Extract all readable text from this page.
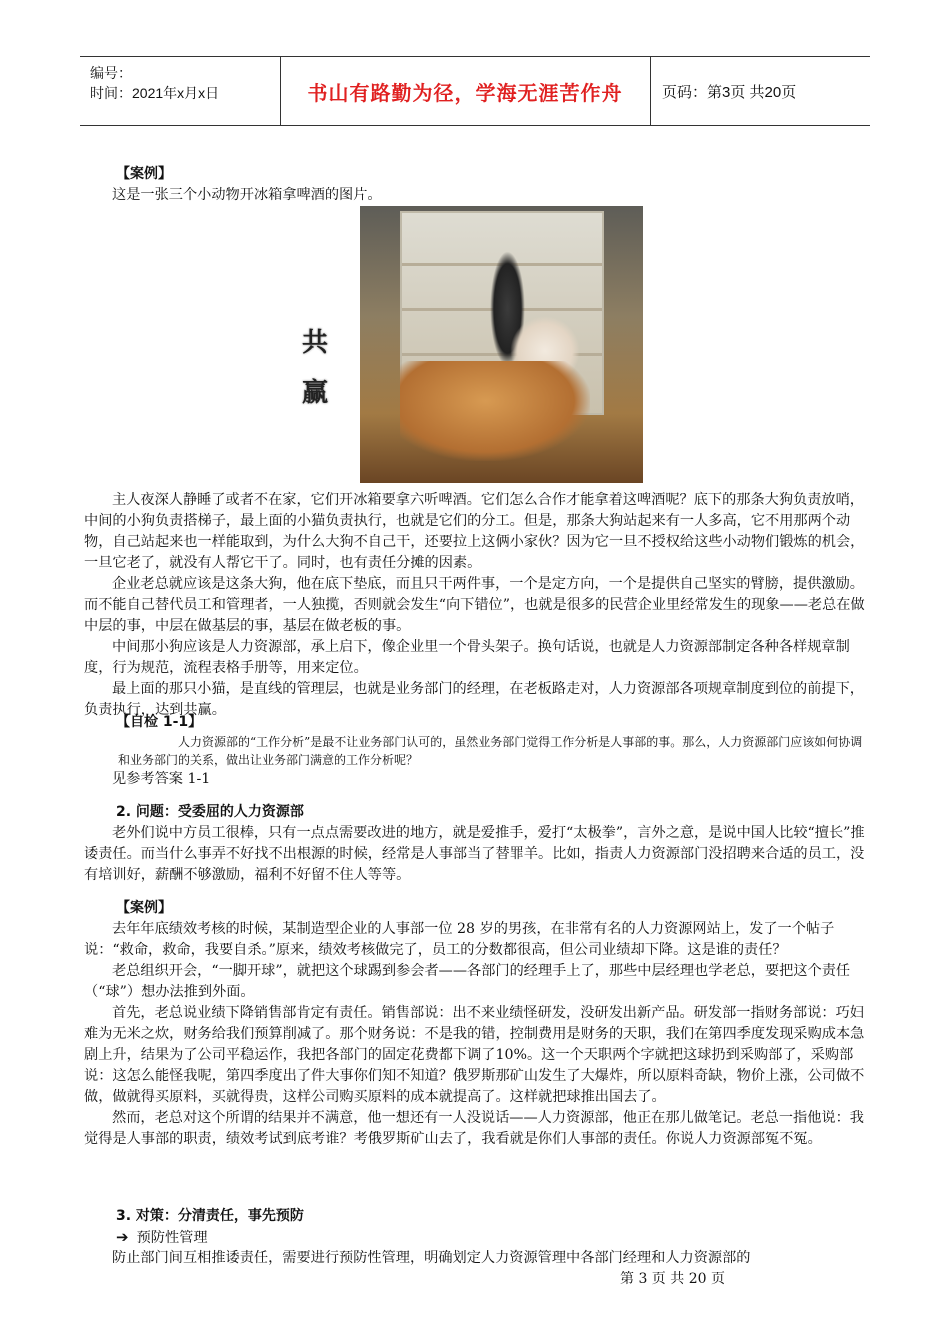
编号：
时间：2021年x月x日	书山有路勤为径，学海无涯苦作舟	页码：第3页 共20页

【案例】

这是一张三个小动物开冰箱拿啤酒的图片。

共
赢

主人夜深人静睡了或者不在家，它们开冰箱要拿六听啤酒。它们怎么合作才能拿着这啤酒呢？底下的那条大狗负责放哨，中间的小狗负责搭梯子，最上面的小猫负责执行，也就是它们的分工。但是，那条大狗站起来有一人多高，它不用那两个动物，自己站起来也一样能取到，为什么大狗不自己干，还要拉上这俩小家伙？因为它一旦不授权给这些小动物们锻炼的机会，一旦它老了，就没有人帮它干了。同时，也有责任分摊的因素。

企业老总就应该是这条大狗，他在底下垫底，而且只干两件事，一个是定方向，一个是提供自己坚实的臂膀，提供激励。而不能自己替代员工和管理者，一人独揽，否则就会发生“向下错位”，也就是很多的民营企业里经常发生的现象——老总在做中层的事，中层在做基层的事，基层在做老板的事。

中间那小狗应该是人力资源部，承上启下，像企业里一个骨头架子。换句话说，也就是人力资源部制定各种各样规章制度，行为规范，流程表格手册等，用来定位。

最上面的那只小猫，是直线的管理层，也就是业务部门的经理，在老板路走对，人力资源部各项规章制度到位的前提下，负责执行，达到共赢。

【自检 1-1】

人力资源部的“工作分析”是最不让业务部门认可的，虽然业务部门觉得工作分析是人事部的事。那么，人力资源部门应该如何协调和业务部门的关系，做出让业务部门满意的工作分析呢？

见参考答案 1-1

2. 问题：受委屈的人力资源部

老外们说中方员工很棒，只有一点点需要改进的地方，就是爱推手，爱打“太极拳”，言外之意，是说中国人比较“擅长”推诿责任。而当什么事弄不好找不出根源的时候，经常是人事部当了替罪羊。比如，指责人力资源部门没招聘来合适的员工，没有培训好，薪酬不够激励，福利不好留不住人等等。

【案例】

去年年底绩效考核的时候，某制造型企业的人事部一位 28 岁的男孩，在非常有名的人力资源网站上，发了一个帖子说：“救命，救命，我要自杀。”原来，绩效考核做完了，员工的分数都很高，但公司业绩却下降。这是谁的责任？

老总组织开会，“一脚开球”，就把这个球踢到参会者——各部门的经理手上了，那些中层经理也学老总，要把这个责任（“球”）想办法推到外面。

首先，老总说业绩下降销售部肯定有责任。销售部说：出不来业绩怪研发，没研发出新产品。研发部一指财务部说：巧妇难为无米之炊，财务给我们预算削减了。那个财务说：不是我的错，控制费用是财务的天职，我们在第四季度发现采购成本急剧上升，结果为了公司平稳运作，我把各部门的固定花费都下调了10%。这一个天职两个字就把这球扔到采购部了，采购部说：这怎么能怪我呢，第四季度出了件大事你们知不知道？俄罗斯那矿山发生了大爆炸，所以原料奇缺，物价上涨，公司做不做，做就得买原料，买就得贵，这样公司购买原料的成本就提高了。这样就把球推出国去了。

然而，老总对这个所谓的结果并不满意，他一想还有一人没说话——人力资源部，他正在那儿做笔记。老总一指他说：我觉得是人事部的职责，绩效考试到底考谁？考俄罗斯矿山去了，我看就是你们人事部的责任。你说人力资源部冤不冤。

3. 对策：分清责任，事先预防

➔ 预防性管理

防止部门间互相推诿责任，需要进行预防性管理，明确划定人力资源管理中各部门经理和人力资源部的

第 3 页 共 20 页
